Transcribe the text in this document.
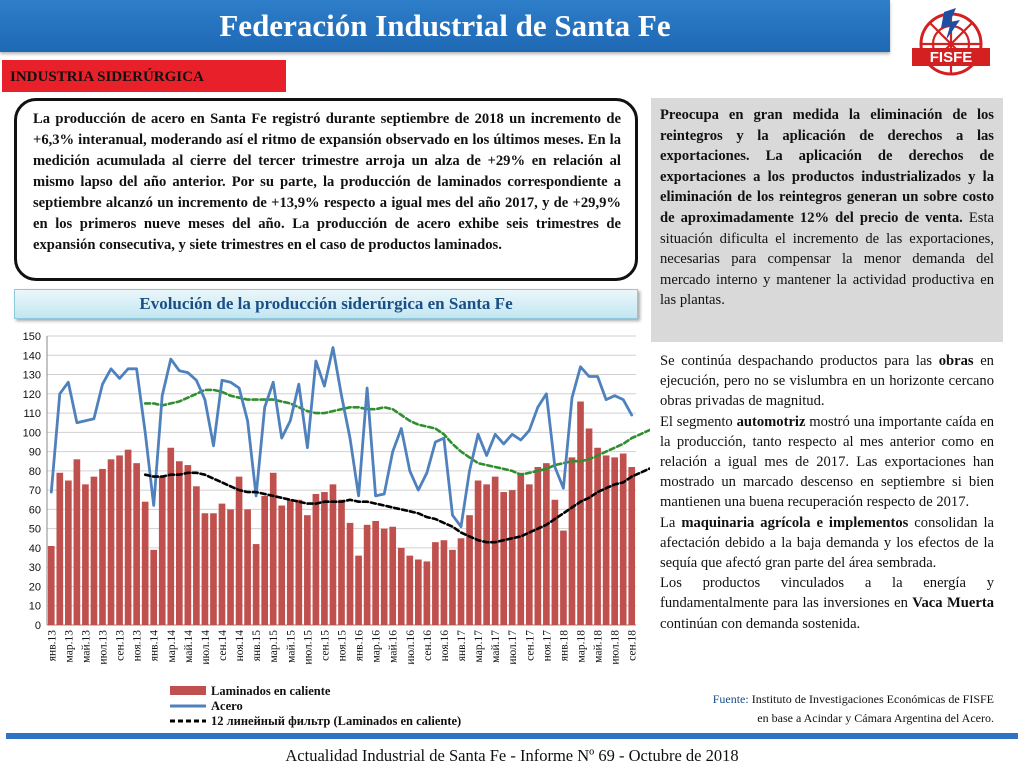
Federación Industrial de Santa Fe
FISFE
INDUSTRIA SIDERÚRGICA
La producción de acero en Santa Fe registró durante septiembre de 2018 un incremento de +6,3% interanual, moderando así el ritmo de expansión observado en los últimos meses. En la medición acumulada al cierre del tercer trimestre arroja un alza de +29% en relación al mismo lapso del año anterior. Por su parte, la producción de laminados correspondiente a septiembre alcanzó un incremento de +13,9% respecto a igual mes del año 2017, y de +29,9% en los primeros nueve meses del año. La producción de acero exhibe seis trimestres de expansión consecutiva, y siete trimestres en el caso de productos laminados.
Preocupa en gran medida la eliminación de los reintegros y la aplicación de derechos a las exportaciones. La aplicación de derechos de exportaciones a los productos industrializados y la eliminación de los reintegros generan un sobre costo de aproximadamente 12% del precio de venta. Esta situación dificulta el incremento de las exportaciones, necesarias para compensar la menor demanda del mercado interno y mantener la actividad productiva en las plantas.
Se continúa despachando productos para las obras en ejecución, pero no se vislumbra en un horizonte cercano obras privadas de magnitud.
El segmento automotriz mostró una importante caída en la producción, tanto respecto al mes anterior como en relación a igual mes de 2017. Las exportaciones han mostrado un marcado descenso en septiembre si bien mantienen una buena recuperación respecto de 2017.
La maquinaria agrícola e implementos consolidan la afectación debido a la baja demanda y los efectos de la sequía que afectó gran parte del área sembrada.
Los productos vinculados a la energía y fundamentalmente para las inversiones en Vaca Muerta continúan con demanda sostenida.
Fuente: Instituto de Investigaciones Económicas de FISFE
en base a Acindar y Cámara Argentina del Acero.
Evolución de la producción siderúrgica en Santa Fe
0
10
20
30
40
50
60
70
80
90
100
110
120
130
140
150
янв.13 мар.13 май.13 июл.13 сен.13 ноя.13 янв.14 мар.14 май.14 июл.14 сен.14 ноя.14 янв.15 мар.15 май.15 июл.15 сен.15 ноя.15 янв.16 мар.16 май.16 июл.16 сен.16 ноя.16 янв.17 мар.17 май.17 июл.17 сен.17 ноя.17 янв.18 мар.18 май.18 июл.18 сен.18
Laminados en caliente
Acero
12 линейный фильтр (Laminados en caliente)
Actualidad Industrial de Santa Fe - Informe Nº 69 - Octubre de 2018
